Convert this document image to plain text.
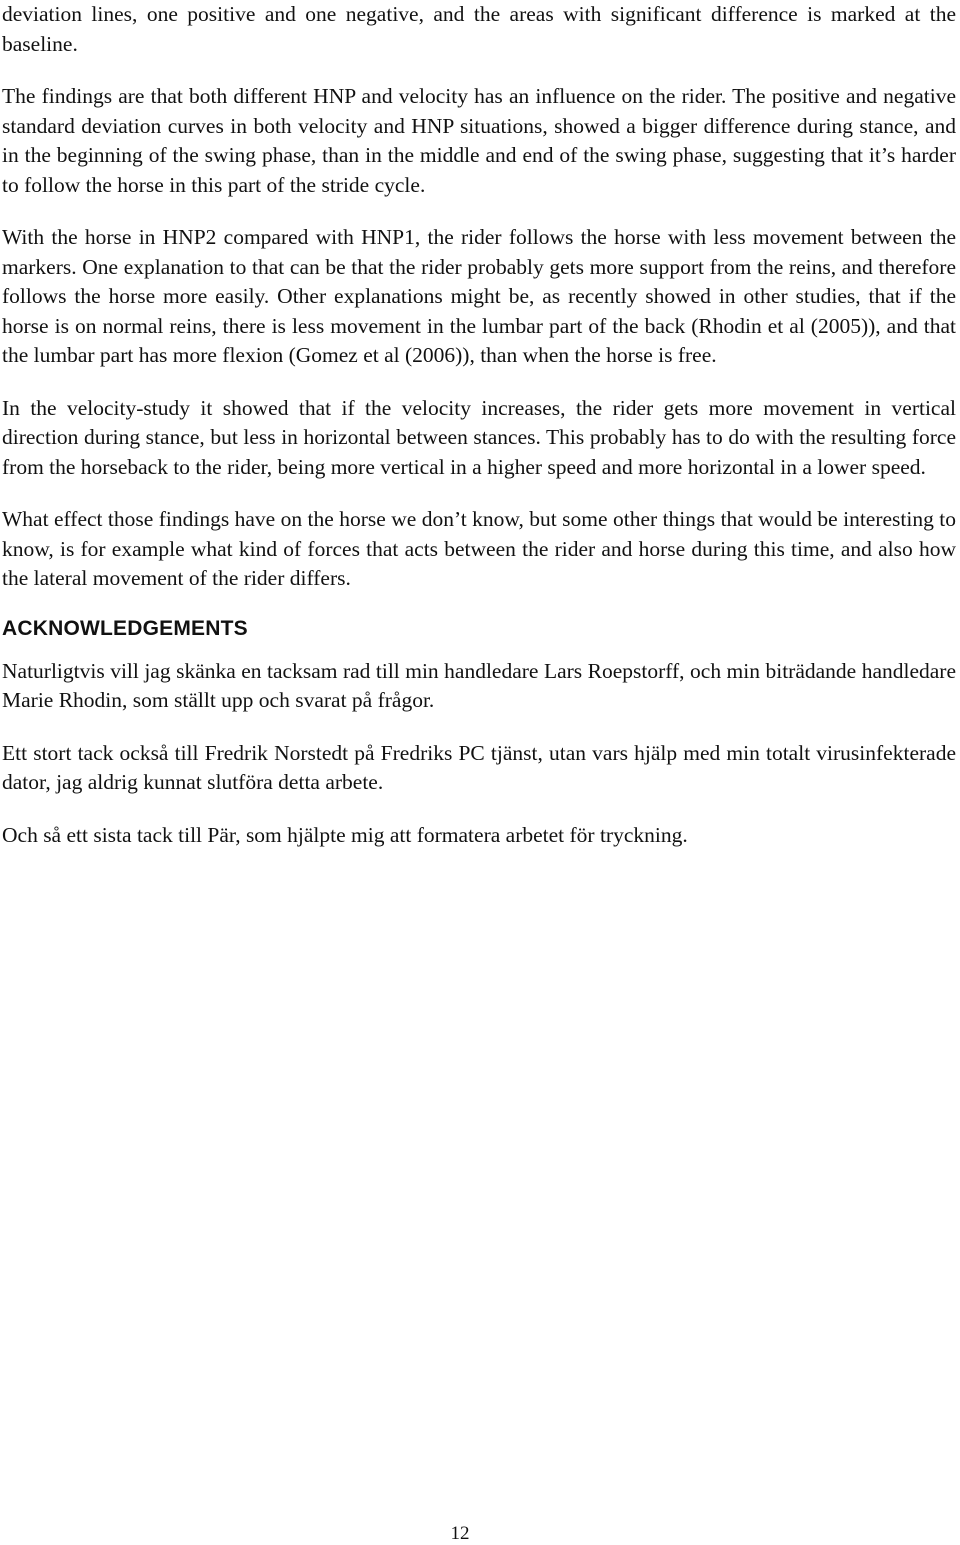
deviation lines, one positive and one negative, and the areas with significant difference is marked at the baseline.

The findings are that both different HNP and velocity has an influence on the rider. The positive and negative standard deviation curves in both velocity and HNP situations, showed a bigger difference during stance, and in the beginning of the swing phase, than in the middle and end of the swing phase, suggesting that it’s harder to follow the horse in this part of the stride cycle.

With the horse in HNP2 compared with HNP1, the rider follows the horse with less movement between the markers. One explanation to that can be that the rider probably gets more support from the reins, and therefore follows the horse more easily. Other explanations might be, as recently showed in other studies, that if the horse is on normal reins, there is less movement in the lumbar part of the back (Rhodin et al (2005)), and that the lumbar part has more flexion (Gomez et al (2006)), than when the horse is free.

In the velocity-study it showed that if the velocity increases, the rider gets more movement in vertical direction during stance, but less in horizontal between stances. This probably has to do with the resulting force from the horseback to the rider, being more vertical in a higher speed and more horizontal in a lower speed.

What effect those findings have on the horse we don’t know, but some other things that would be interesting to know, is for example what kind of forces that acts between the rider and horse during this time, and also how the lateral movement of the rider differs.

ACKNOWLEDGEMENTS

Naturligtvis vill jag skänka en tacksam rad till min handledare Lars Roepstorff, och min biträdande handledare Marie Rhodin, som ställt upp och svarat på frågor.

Ett stort tack också till Fredrik Norstedt på Fredriks PC tjänst, utan vars hjälp med min totalt virusinfekterade dator, jag aldrig kunnat slutföra detta arbete.

Och så ett sista tack till Pär, som hjälpte mig att formatera arbetet för tryckning.

12
